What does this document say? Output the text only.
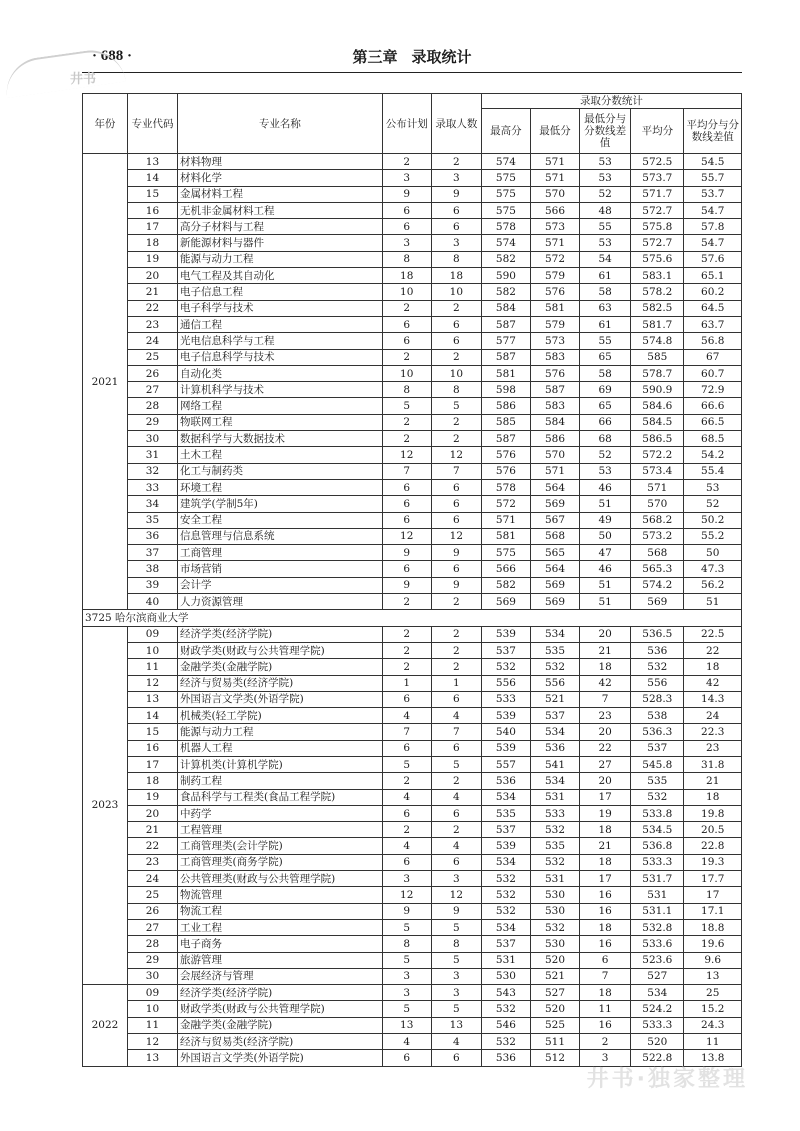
· 688 ·	第三章 录取统计
井书
年份	专业代码	专业名称	公布计划	录取人数	录取分数统计				
					最高分	最低分	最低分与分数线差值	平均分	平均分与分数线差值
2021	13	材料物理	2	2	574	571	53	572.5	54.5
	14	材料化学	3	3	575	571	53	573.7	55.7
	15	金属材料工程	9	9	575	570	52	571.7	53.7
	16	无机非金属材料工程	6	6	575	566	48	572.7	54.7
	17	高分子材料与工程	6	6	578	573	55	575.8	57.8
	18	新能源材料与器件	3	3	574	571	53	572.7	54.7
	19	能源与动力工程	8	8	582	572	54	575.6	57.6
	20	电气工程及其自动化	18	18	590	579	61	583.1	65.1
	21	电子信息工程	10	10	582	576	58	578.2	60.2
	22	电子科学与技术	2	2	584	581	63	582.5	64.5
	23	通信工程	6	6	587	579	61	581.7	63.7
	24	光电信息科学与工程	6	6	577	573	55	574.8	56.8
	25	电子信息科学与技术	2	2	587	583	65	585	67
	26	自动化类	10	10	581	576	58	578.7	60.7
	27	计算机科学与技术	8	8	598	587	69	590.9	72.9
	28	网络工程	5	5	586	583	65	584.6	66.6
	29	物联网工程	2	2	585	584	66	584.5	66.5
	30	数据科学与大数据技术	2	2	587	586	68	586.5	68.5
	31	土木工程	12	12	576	570	52	572.2	54.2
	32	化工与制药类	7	7	576	571	53	573.4	55.4
	33	环境工程	6	6	578	564	46	571	53
	34	建筑学(学制5年)	6	6	572	569	51	570	52
	35	安全工程	6	6	571	567	49	568.2	50.2
	36	信息管理与信息系统	12	12	581	568	50	573.2	55.2
	37	工商管理	9	9	575	565	47	568	50
	38	市场营销	6	6	566	564	46	565.3	47.3
	39	会计学	9	9	582	569	51	574.2	56.2
	40	人力资源管理	2	2	569	569	51	569	51
3725 哈尔滨商业大学									
2023	09	经济学类(经济学院)	2	2	539	534	20	536.5	22.5
	10	财政学类(财政与公共管理学院)	2	2	537	535	21	536	22
	11	金融学类(金融学院)	2	2	532	532	18	532	18
	12	经济与贸易类(经济学院)	1	1	556	556	42	556	42
	13	外国语言文学类(外语学院)	6	6	533	521	7	528.3	14.3
	14	机械类(轻工学院)	4	4	539	537	23	538	24
	15	能源与动力工程	7	7	540	534	20	536.3	22.3
	16	机器人工程	6	6	539	536	22	537	23
	17	计算机类(计算机学院)	5	5	557	541	27	545.8	31.8
	18	制药工程	2	2	536	534	20	535	21
	19	食品科学与工程类(食品工程学院)	4	4	534	531	17	532	18
	20	中药学	6	6	535	533	19	533.8	19.8
	21	工程管理	2	2	537	532	18	534.5	20.5
	22	工商管理类(会计学院)	4	4	539	535	21	536.8	22.8
	23	工商管理类(商务学院)	6	6	534	532	18	533.3	19.3
	24	公共管理类(财政与公共管理学院)	3	3	532	531	17	531.7	17.7
	25	物流管理	12	12	532	530	16	531	17
	26	物流工程	9	9	532	530	16	531.1	17.1
	27	工业工程	5	5	534	532	18	532.8	18.8
	28	电子商务	8	8	537	530	16	533.6	19.6
	29	旅游管理	5	5	531	520	6	523.6	9.6
	30	会展经济与管理	3	3	530	521	7	527	13
2022	09	经济学类(经济学院)	3	3	543	527	18	534	25
	10	财政学类(财政与公共管理学院)	5	5	532	520	11	524.2	15.2
	11	金融学类(金融学院)	13	13	546	525	16	533.3	24.3
	12	经济与贸易类(经济学院)	4	4	532	511	2	520	11
	13	外国语言文学类(外语学院)	6	6	536	512	3	522.8	13.8
井书·独家整理
